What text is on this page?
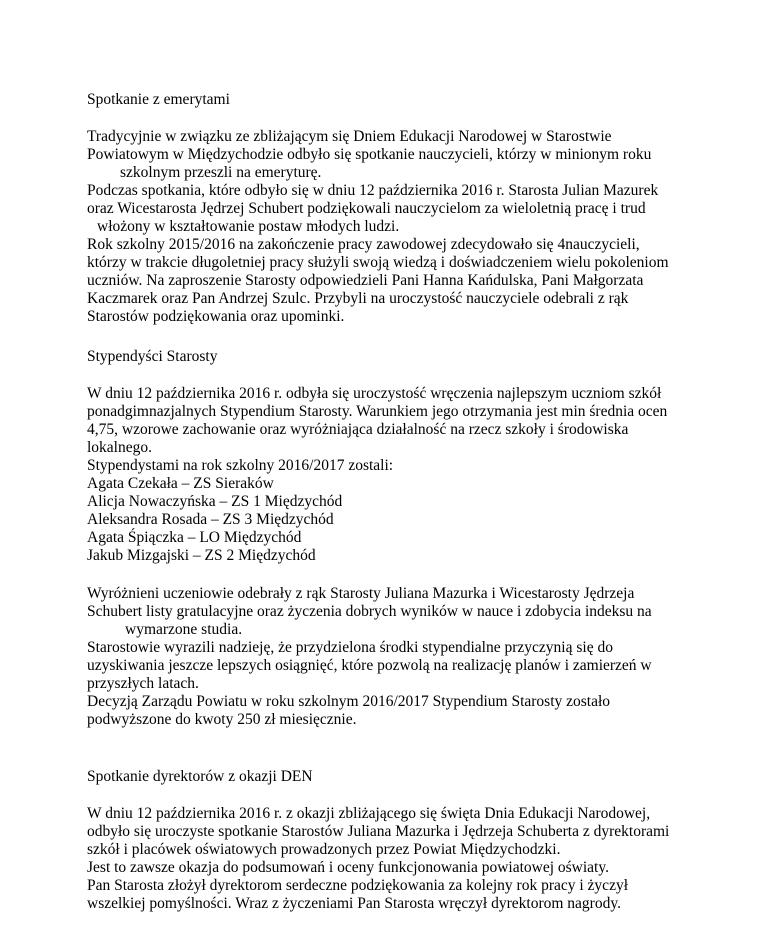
Spotkanie z emerytami
Tradycyjnie w związku ze zbliżającym się Dniem Edukacji Narodowej w Starostwie
Powiatowym w Międzychodzie odbyło się spotkanie nauczycieli, którzy w minionym roku
szkolnym przeszli na emeryturę.
Podczas spotkania, które odbyło się w dniu 12 października 2016 r. Starosta Julian Mazurek
oraz Wicestarosta Jędrzej Schubert podziękowali nauczycielom za wieloletnią pracę i trud
włożony w kształtowanie postaw młodych ludzi.
Rok szkolny 2015/2016 na zakończenie pracy zawodowej zdecydowało się 4nauczycieli,
którzy w trakcie długoletniej pracy służyli swoją wiedzą i doświadczeniem wielu pokoleniom
uczniów. Na zaproszenie Starosty odpowiedzieli Pani Hanna Kańdulska, Pani Małgorzata
Kaczmarek oraz Pan Andrzej Szulc. Przybyli na uroczystość nauczyciele odebrali z rąk
Starostów podziękowania oraz upominki.
Stypendyści Starosty
W dniu 12 października 2016 r. odbyła się uroczystość wręczenia najlepszym uczniom szkół
ponadgimnazjalnych Stypendium Starosty. Warunkiem jego otrzymania jest min średnia ocen
4,75, wzorowe zachowanie oraz wyróżniająca działalność na rzecz szkoły i środowiska
lokalnego.
Stypendystami na rok szkolny 2016/2017 zostali:
Agata Czekała – ZS Sieraków
Alicja Nowaczyńska – ZS 1 Międzychód
Aleksandra Rosada – ZS 3 Międzychód
Agata Śpiączka – LO Międzychód
Jakub Mizgajski – ZS 2 Międzychód
Wyróżnieni uczeniowie odebrały z rąk Starosty Juliana Mazurka i Wicestarosty Jędrzeja
Schubert listy gratulacyjne oraz życzenia dobrych wyników w nauce i zdobycia indeksu na
wymarzone studia.
Starostowie wyrazili nadzieję, że przydzielona środki stypendialne przyczynią się do
uzyskiwania jeszcze lepszych osiągnięć, które pozwolą na realizację planów i zamierzeń w
przyszłych latach.
Decyzją Zarządu Powiatu w roku szkolnym 2016/2017 Stypendium Starosty zostało
podwyższone do kwoty 250 zł miesięcznie.
Spotkanie dyrektorów z okazji DEN
W dniu 12 października 2016 r. z okazji zbliżającego się święta Dnia Edukacji Narodowej,
odbyło się uroczyste spotkanie Starostów Juliana Mazurka i Jędrzeja Schuberta z dyrektorami
szkół i placówek oświatowych prowadzonych przez Powiat Międzychodzki.
Jest to zawsze okazja do podsumowań i oceny funkcjonowania powiatowej oświaty.
Pan Starosta złożył dyrektorom serdeczne podziękowania za kolejny rok pracy i życzył
wszelkiej pomyślności. Wraz z życzeniami Pan Starosta wręczył dyrektorom nagrody.
